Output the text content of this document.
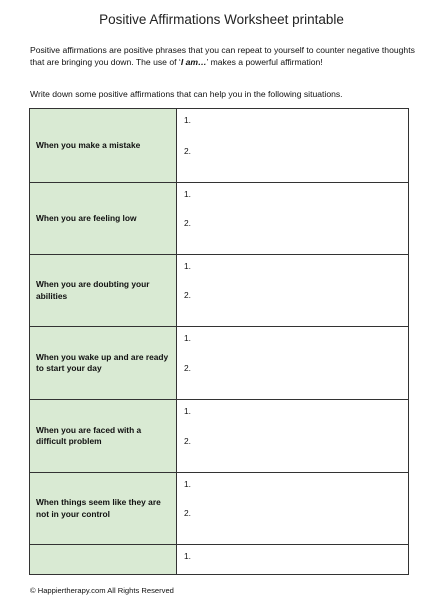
Positive Affirmations Worksheet printable
Positive affirmations are positive phrases that you can repeat to yourself to counter negative thoughts that are bringing you down. The use of ‘I am…’ makes a powerful affirmation!
Write down some positive affirmations that can help you in the following situations.
When you make a mistake	1.
2.

When you are feeling low	1.
2.

When you are doubting your abilities	1.
2.

When you wake up and are ready to start your day	1.
2.

When you are faced with a difficult problem	1.
2.

When things seem like they are not in your control	1.
2.

	1.
© Happiertherapy.com All Rights Reserved
